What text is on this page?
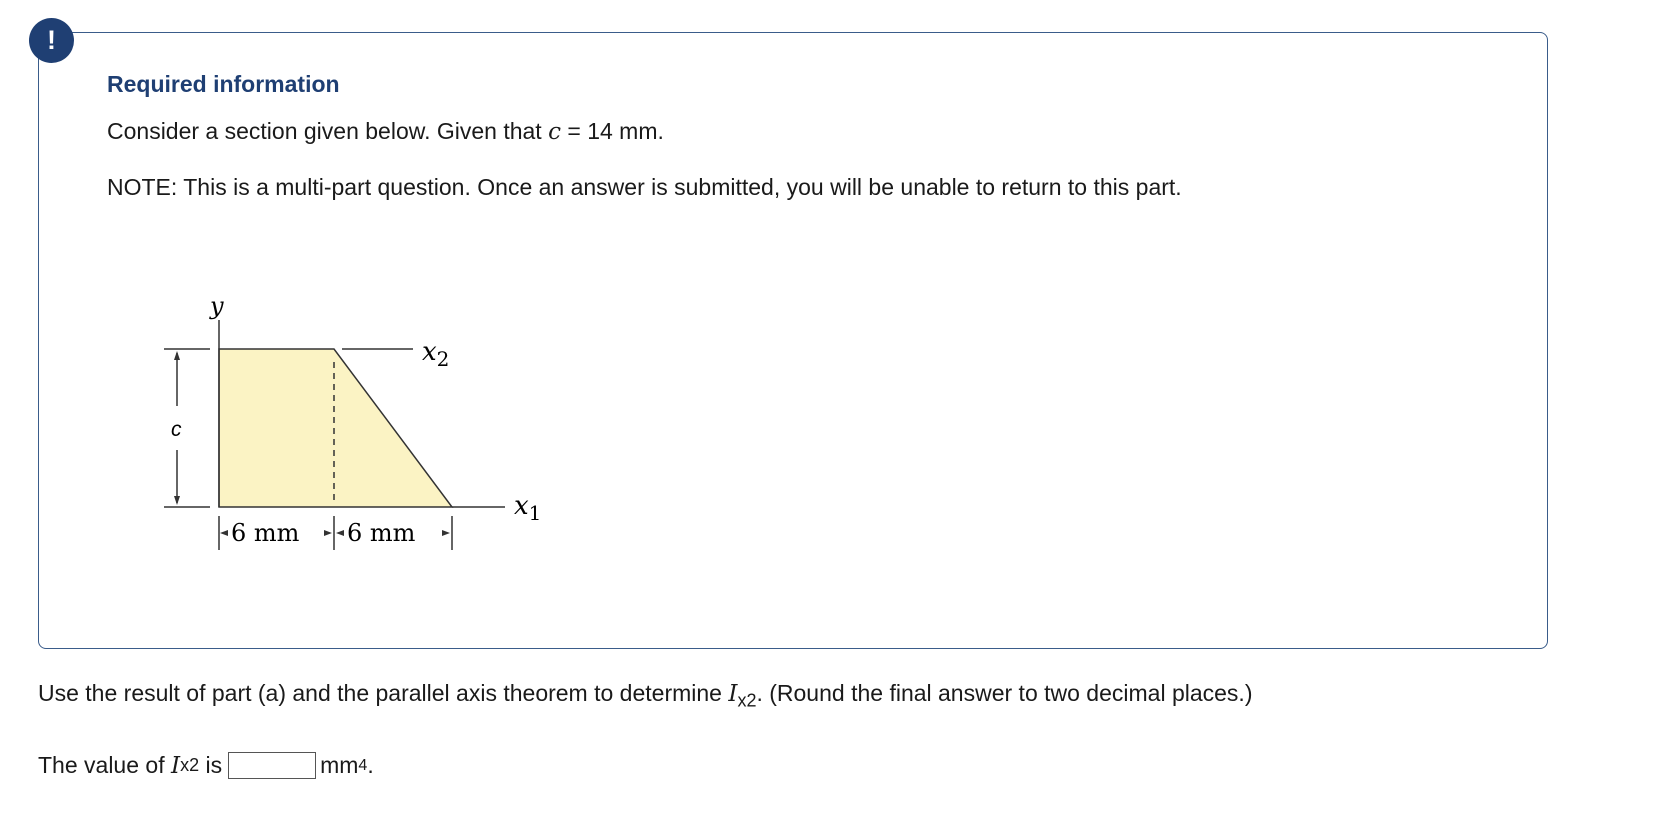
!
Required information
Consider a section given below. Given that c = 14 mm.
NOTE: This is a multi-part question. Once an answer is submitted, you will be unable to return to this part.
y
$x_2$
$x_1$
c
6 mm 6 mm
Use the result of part (a) and the parallel axis theorem to determine $I_{x2}$. (Round the final answer to two decimal places.)
The value of I x2 is	mm 4 .
